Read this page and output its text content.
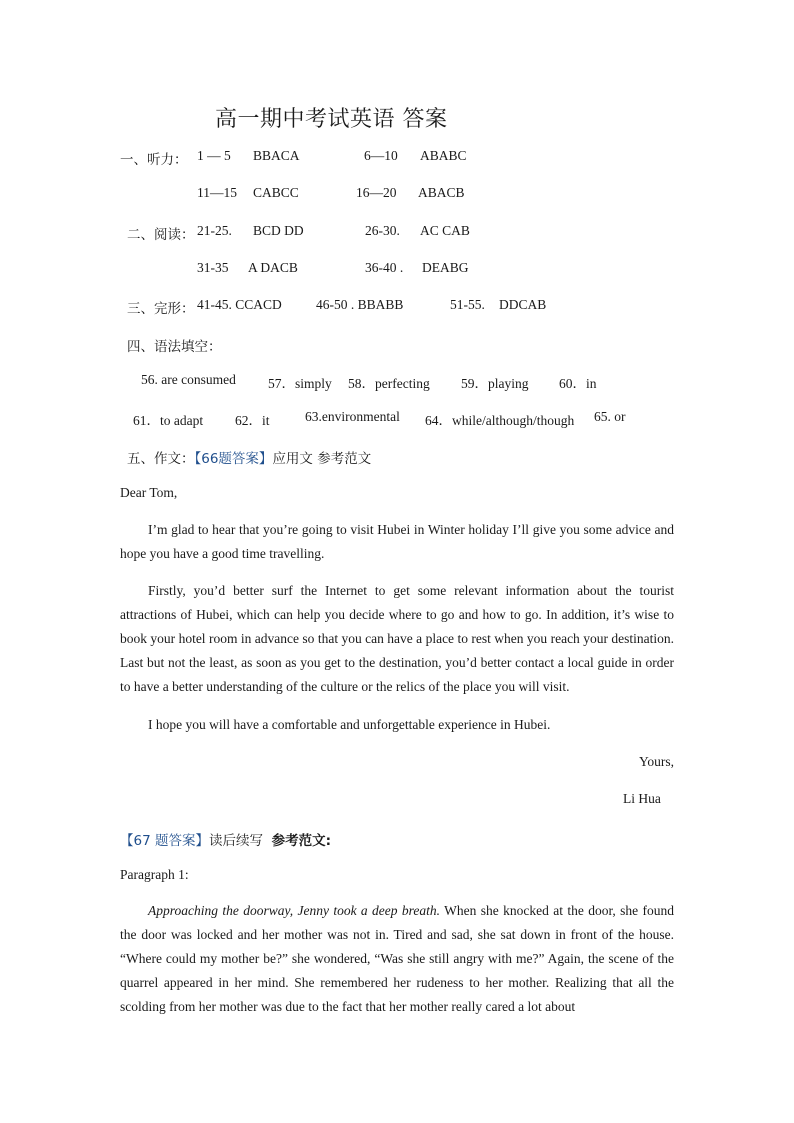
高一期中考试英语 答案
一、听力： 1 — 5 BBACA	6—10 ABABC
11—15 CABCC	16—20 ABACB
二、阅读： 21-25. BCD DD	26-30. AC CAB
31-35 A DACB	36-40 . DEABG
三、完形： 41-45. CCACD	46-50 . BBABB	51-55. DDCAB
四、语法填空：
56. are consumed 57．simply 58．perfecting 59．playing 60．in
61．to adapt 62．it	63.environmental 64．while/although/though 65. or
五、作文：【66题答案】应用文 参考范文
Dear Tom,
I’m glad to hear that you’re going to visit Hubei in Winter holiday I’ll give you some advice and hope you have a good time travelling.
Firstly, you’d better surf the Internet to get some relevant information about the tourist attractions of Hubei, which can help you decide where to go and how to go. In addition, it’s wise to book your hotel room in advance so that you can have a place to rest when you reach your destination. Last but not the least, as soon as you get to the destination, you’d better contact a local guide in order to have a better understanding of the culture or the relics of the place you will visit.
I hope you will have a comfortable and unforgettable experience in Hubei.
Yours,
Li Hua
【67 题答案】读后续写 参考范文:
Paragraph 1:
Approaching the doorway, Jenny took a deep breath. When she knocked at the door, she found the door was locked and her mother was not in. Tired and sad, she sat down in front of the house. “Where could my mother be?” she wondered, “Was she still angry with me?” Again, the scene of the quarrel appeared in her mind. She remembered her rudeness to her mother. Realizing that all the scolding from her mother was due to the fact that her mother really cared a lot about
